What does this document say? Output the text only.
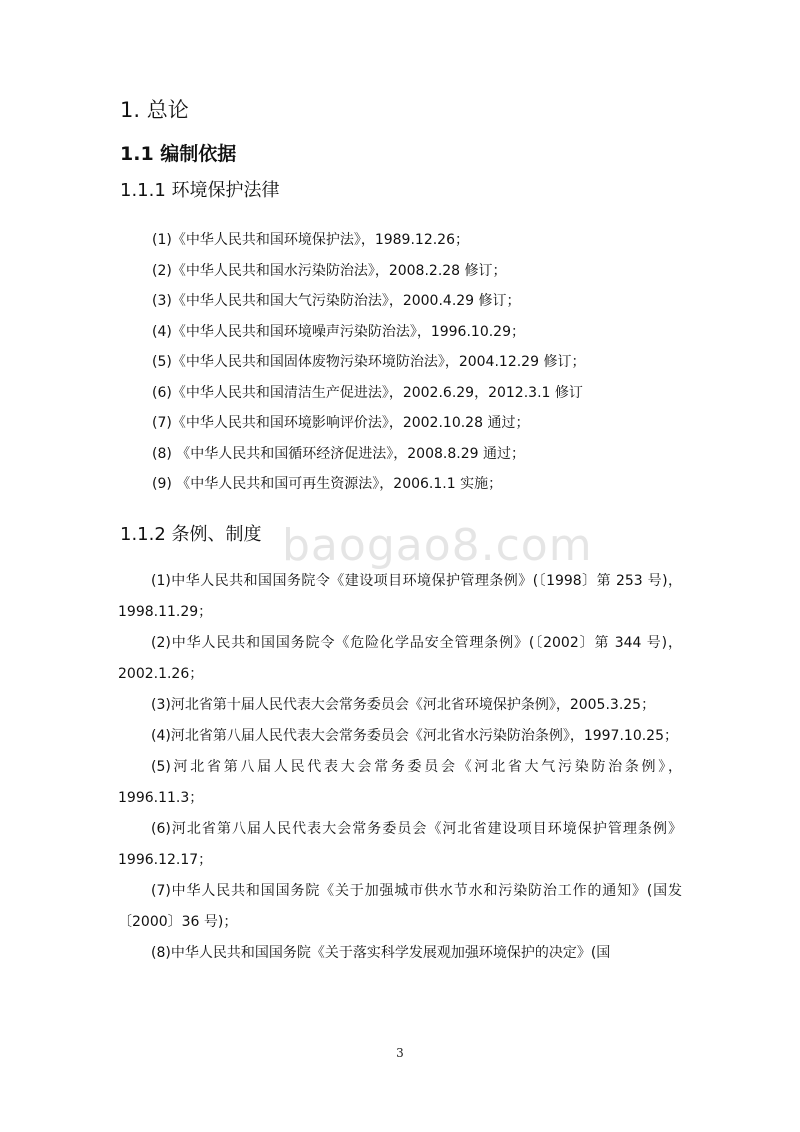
1. 总论
1.1 编制依据
1.1.1 环境保护法律
(1)《中华人民共和国环境保护法》，1989.12.26；
(2)《中华人民共和国水污染防治法》，2008.2.28 修订；
(3)《中华人民共和国大气污染防治法》，2000.4.29 修订；
(4)《中华人民共和国环境噪声污染防治法》，1996.10.29；
(5)《中华人民共和国固体废物污染环境防治法》，2004.12.29 修订；
(6)《中华人民共和国清洁生产促进法》，2002.6.29，2012.3.1 修订
(7)《中华人民共和国环境影响评价法》，2002.10.28 通过；
(8) 《中华人民共和国循环经济促进法》，2008.8.29 通过；
(9) 《中华人民共和国可再生资源法》，2006.1.1 实施；
1.1.2 条例、制度 baogao8.com
(1)中华人民共和国国务院令《建设项目环境保护管理条例》(〔1998〕第 253 号)，1998.11.29；
(2)中华人民共和国国务院令《危险化学品安全管理条例》(〔2002〕第 344 号)，2002.1.26；
(3)河北省第十届人民代表大会常务委员会《河北省环境保护条例》，2005.3.25；
(4)河北省第八届人民代表大会常务委员会《河北省水污染防治条例》，1997.10.25；
(5)河北省第八届人民代表大会常务委员会《河北省大气污染防治条例》，1996.11.3；
(6)河北省第八届人民代表大会常务委员会《河北省建设项目环境保护管理条例》1996.12.17；
(7)中华人民共和国国务院《关于加强城市供水节水和污染防治工作的通知》(国发〔2000〕36 号)；
(8)中华人民共和国国务院《关于落实科学发展观加强环境保护的决定》(国
3
